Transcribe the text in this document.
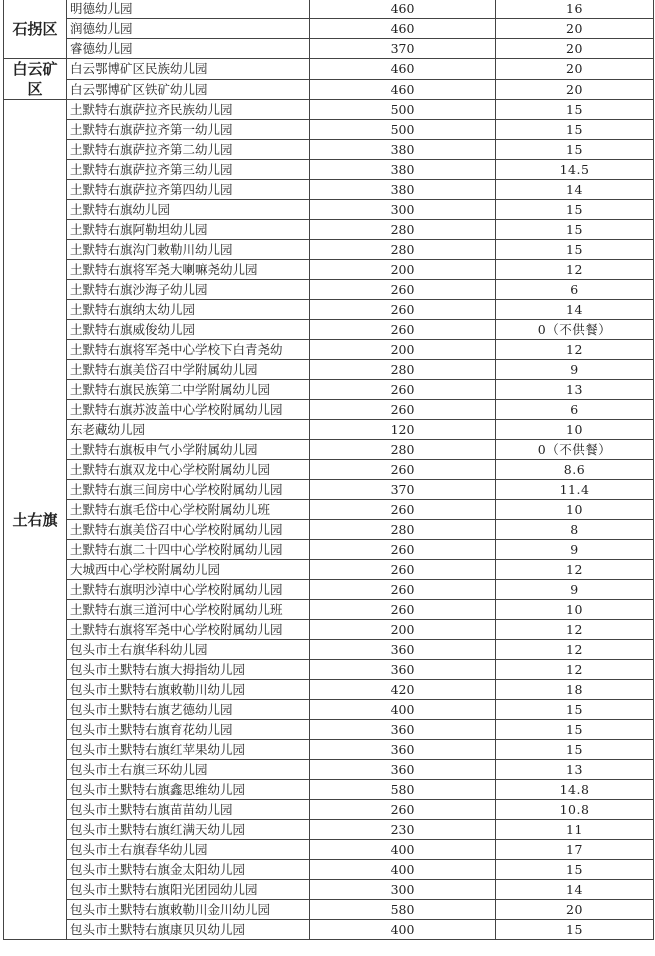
石拐区	明德幼儿园	460	16
	润德幼儿园	460	20
	睿德幼儿园	370	20
白云矿区	白云鄂博矿区民族幼儿园	460	20
	白云鄂博矿区铁矿幼儿园	460	20
土右旗	土默特右旗萨拉齐民族幼儿园	500	15
	土默特右旗萨拉齐第一幼儿园	500	15
	土默特右旗萨拉齐第二幼儿园	380	15
	土默特右旗萨拉齐第三幼儿园	380	14.5
	土默特右旗萨拉齐第四幼儿园	380	14
	土默特右旗幼儿园	300	15
	土默特右旗阿勒坦幼儿园	280	15
	土默特右旗沟门敕勒川幼儿园	280	15
	土默特右旗将军尧大喇嘛尧幼儿园	200	12
	土默特右旗沙海子幼儿园	260	6
	土默特右旗纳太幼儿园	260	14
	土默特右旗威俊幼儿园	260	0（不供餐）
	土默特右旗将军尧中心学校下白青尧幼	200	12
	土默特右旗美岱召中学附属幼儿园	280	9
	土默特右旗民族第二中学附属幼儿园	260	13
	土默特右旗苏波盖中心学校附属幼儿园	260	6
	东老藏幼儿园	120	10
	土默特右旗板申气小学附属幼儿园	280	0（不供餐）
	土默特右旗双龙中心学校附属幼儿园	260	8.6
	土默特右旗三间房中心学校附属幼儿园	370	11.4
	土默特右旗毛岱中心学校附属幼儿班	260	10
	土默特右旗美岱召中心学校附属幼儿园	280	8
	土默特右旗二十四中心学校附属幼儿园	260	9
	大城西中心学校附属幼儿园	260	12
	土默特右旗明沙淖中心学校附属幼儿园	260	9
	土默特右旗三道河中心学校附属幼儿班	260	10
	土默特右旗将军尧中心学校附属幼儿园	200	12
	包头市土右旗华科幼儿园	360	12
	包头市土默特右旗大拇指幼儿园	360	12
	包头市土默特右旗敕勒川幼儿园	420	18
	包头市土默特右旗艺德幼儿园	400	15
	包头市土默特右旗育花幼儿园	360	15
	包头市土默特右旗红苹果幼儿园	360	15
	包头市土右旗三环幼儿园	360	13
	包头市土默特右旗鑫思维幼儿园	580	14.8
	包头市土默特右旗苗苗幼儿园	260	10.8
	包头市土默特右旗红满天幼儿园	230	11
	包头市土右旗春华幼儿园	400	17
	包头市土默特右旗金太阳幼儿园	400	15
	包头市土默特右旗阳光团园幼儿园	300	14
	包头市土默特右旗敕勒川金川幼儿园	580	20
	包头市土默特右旗康贝贝幼儿园	400	15
